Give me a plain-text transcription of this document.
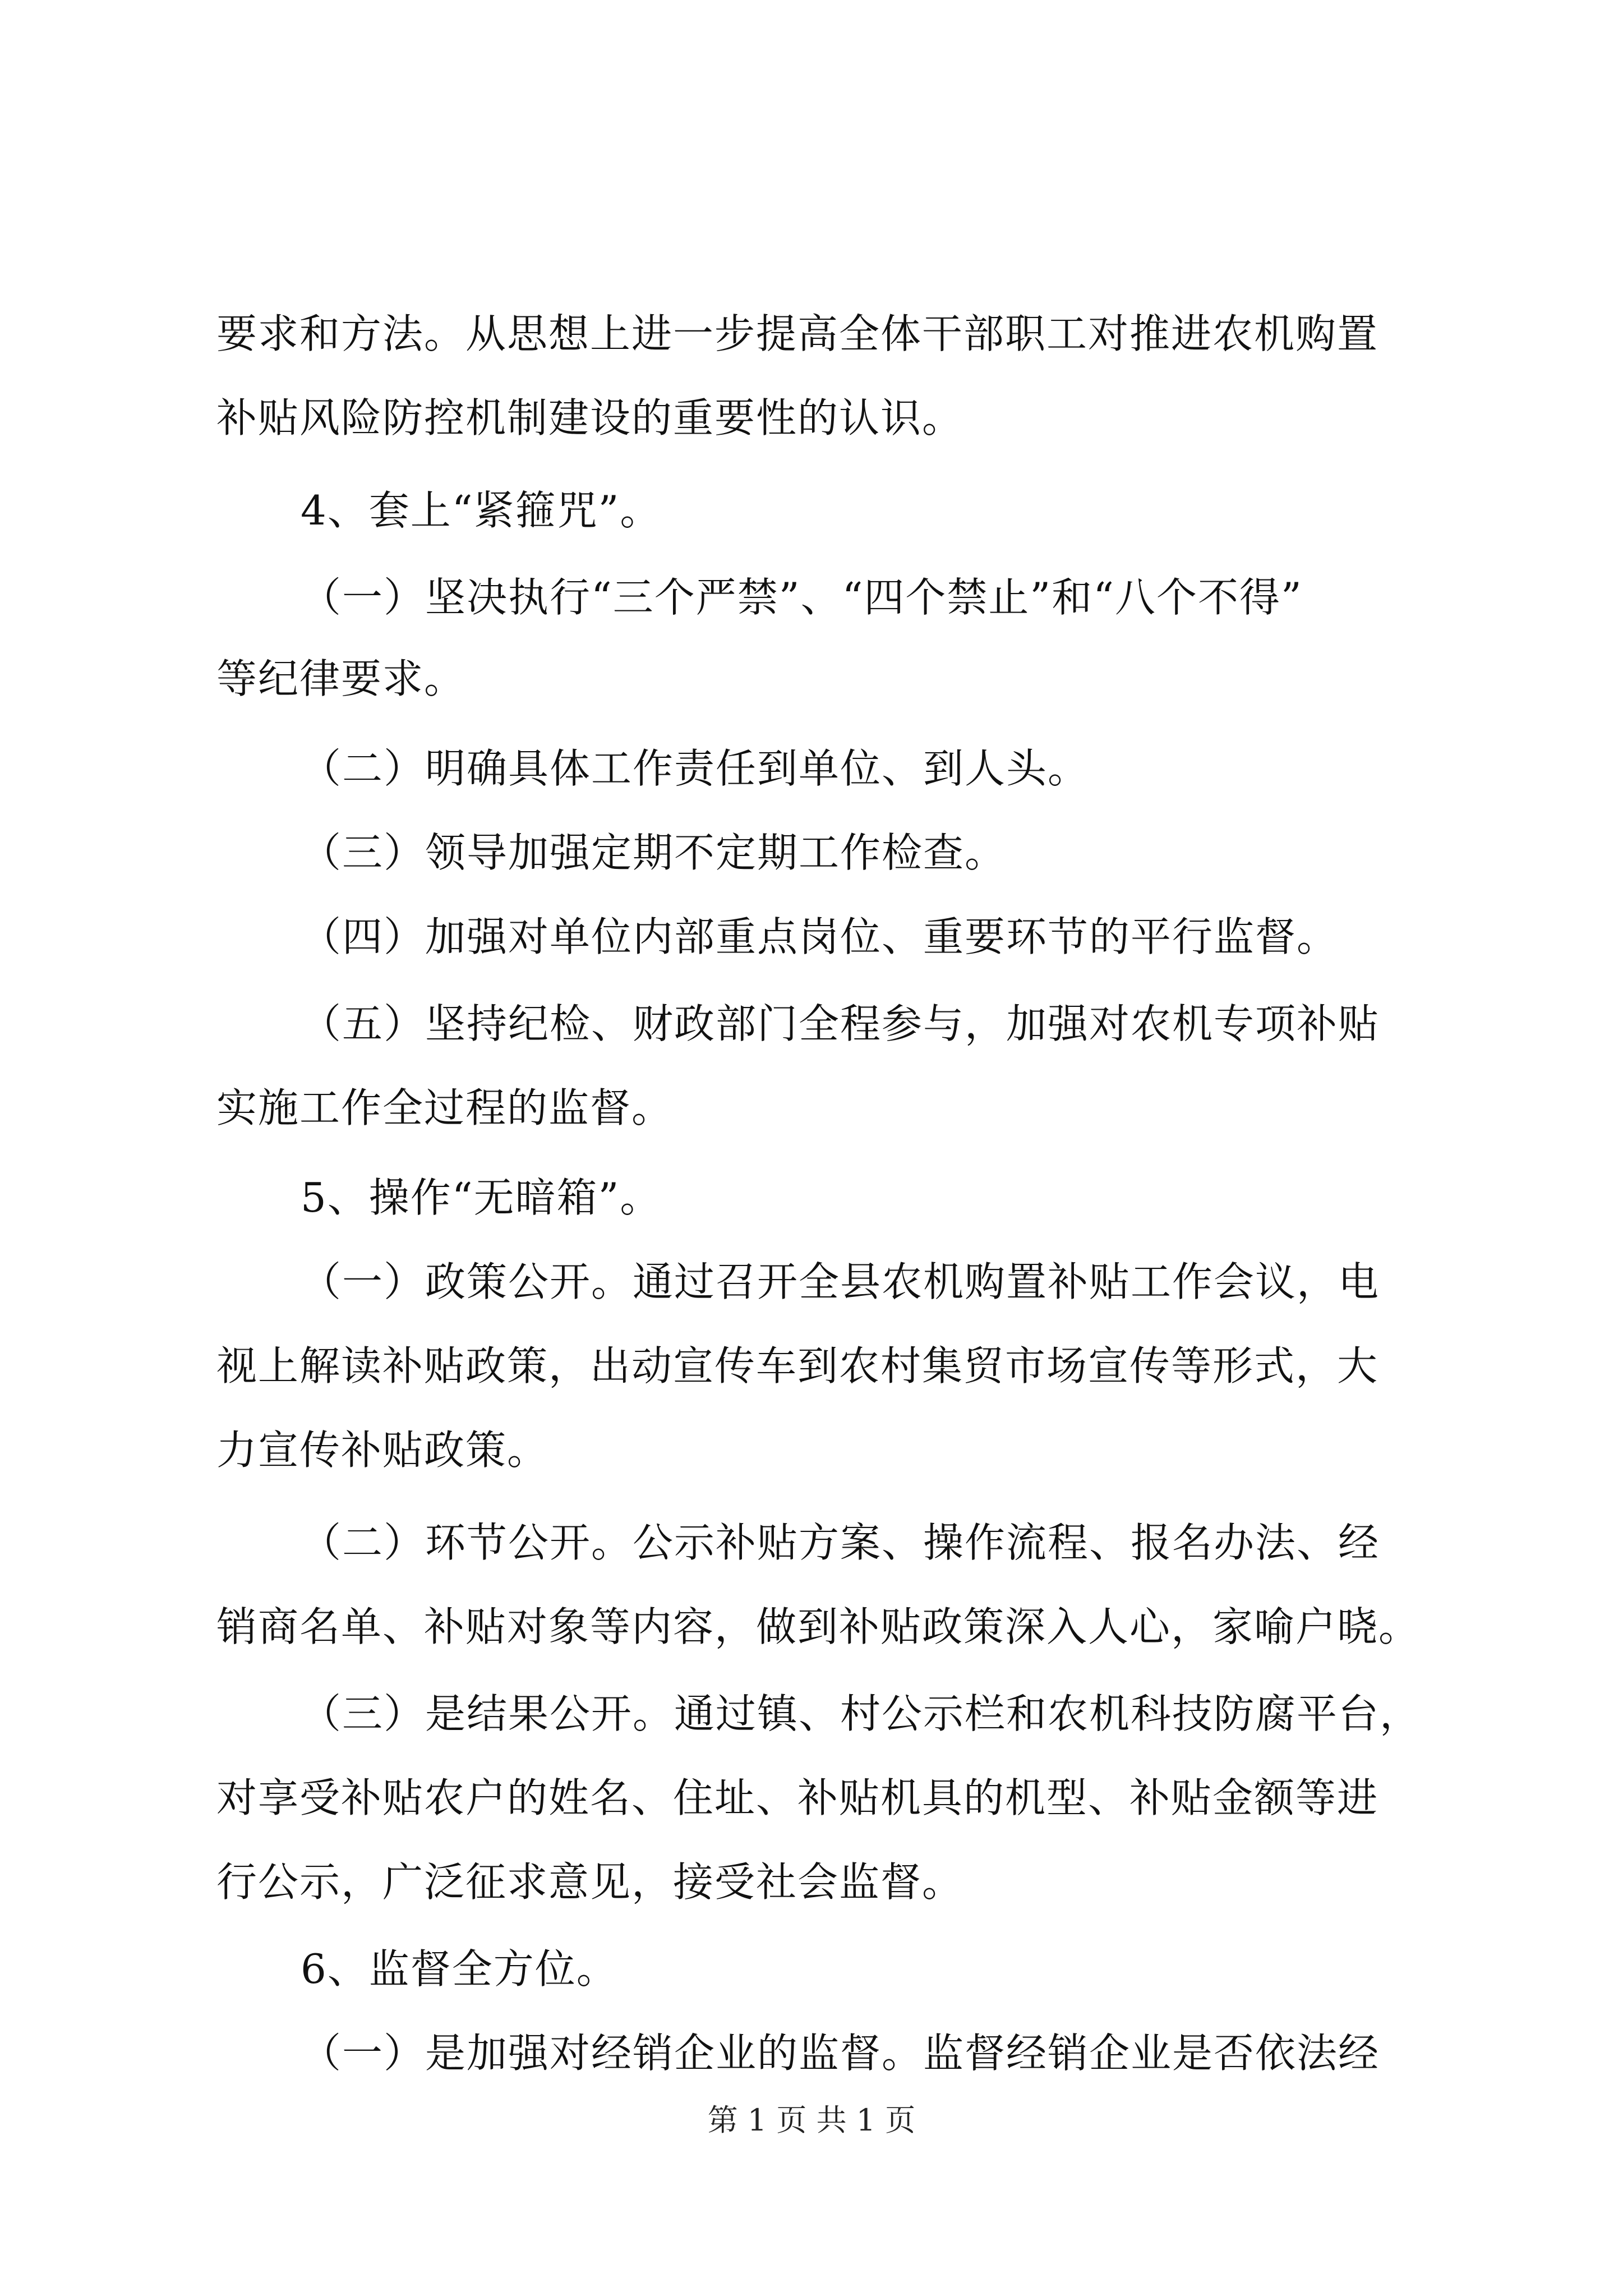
要求和方法。从思想上进一步提高全体干部职工对推进农机购置
补贴风险防控机制建设的重要性的认识。
4、套上“紧箍咒”。
（一）坚决执行“三个严禁”、“四个禁止”和“八个不得”
等纪律要求。
（二）明确具体工作责任到单位、到人头。
（三）领导加强定期不定期工作检查。
（四）加强对单位内部重点岗位、重要环节的平行监督。
（五）坚持纪检、财政部门全程参与，加强对农机专项补贴
实施工作全过程的监督。
5、操作“无暗箱”。
（一）政策公开。通过召开全县农机购置补贴工作会议，电
视上解读补贴政策，出动宣传车到农村集贸市场宣传等形式，大
力宣传补贴政策。
（二）环节公开。公示补贴方案、操作流程、报名办法、经
销商名单、补贴对象等内容，做到补贴政策深入人心，家喻户晓。
（三）是结果公开。通过镇、村公示栏和农机科技防腐平台，
对享受补贴农户的姓名、住址、补贴机具的机型、补贴金额等进
行公示，广泛征求意见，接受社会监督。
6、监督全方位。
（一）是加强对经销企业的监督。监督经销企业是否依法经
第 1 页 共 1 页
